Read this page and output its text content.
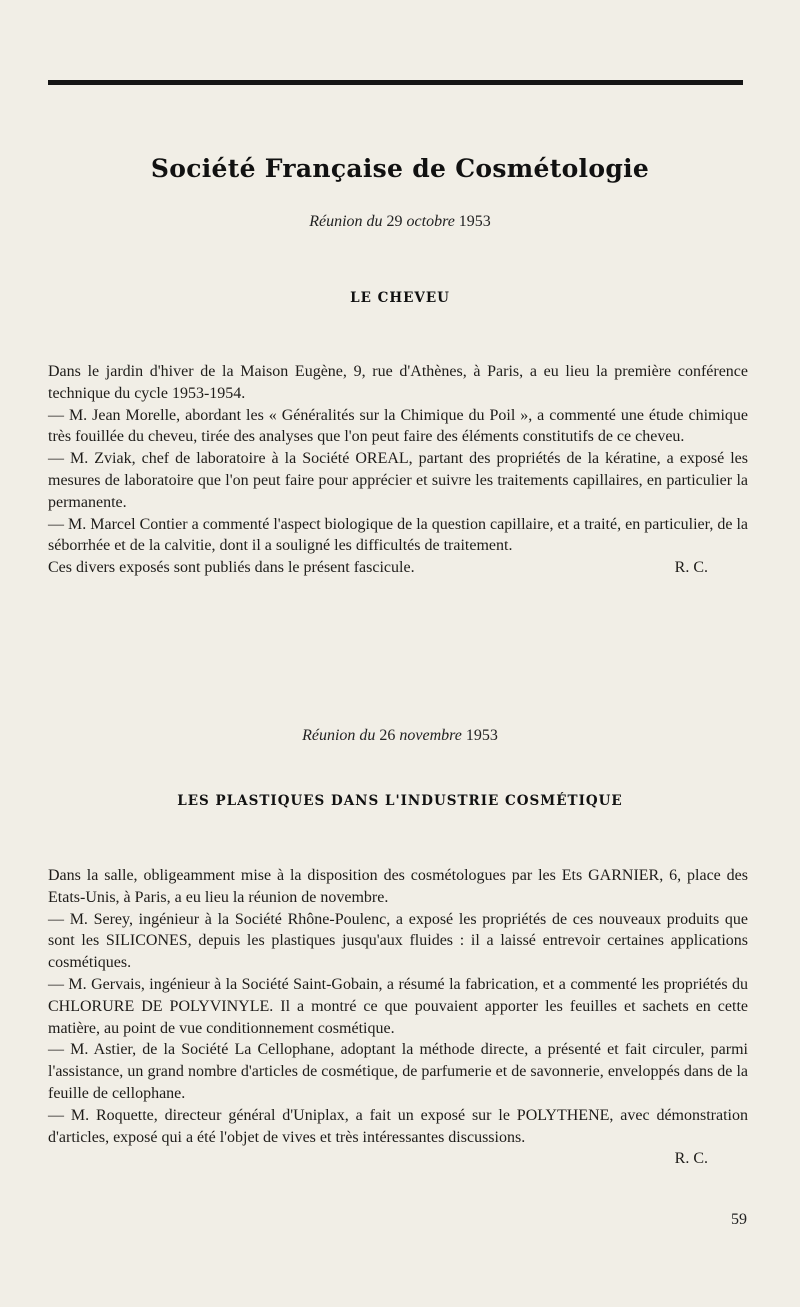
Société Française de Cosmétologie
Réunion du 29 octobre 1953
LE CHEVEU

Dans le jardin d'hiver de la Maison Eugène, 9, rue d'Athènes, à Paris, a eu lieu la première conférence technique du cycle 1953-1954.

— M. Jean Morelle, abordant les « Généralités sur la Chimique du Poil », a commenté une étude chimique très fouillée du cheveu, tirée des analyses que l'on peut faire des éléments constitutifs de ce cheveu.

— M. Zviak, chef de laboratoire à la Société OREAL, partant des propriétés de la kératine, a exposé les mesures de laboratoire que l'on peut faire pour apprécier et suivre les traitements capillaires, en particulier la permanente.

— M. Marcel Contier a commenté l'aspect biologique de la question capillaire, et a traité, en particulier, de la séborrhée et de la calvitie, dont il a souligné les difficultés de traitement.

Ces divers exposés sont publiés dans le présent fascicule.	R. C.
Réunion du 26 novembre 1953
LES PLASTIQUES DANS L'INDUSTRIE COSMÉTIQUE

Dans la salle, obligeamment mise à la disposition des cosmétologues par les Ets GARNIER, 6, place des Etats-Unis, à Paris, a eu lieu la réunion de novembre.

— M. Serey, ingénieur à la Société Rhône-Poulenc, a exposé les propriétés de ces nouveaux produits que sont les SILICONES, depuis les plastiques jusqu'aux fluides : il a laissé entrevoir certaines applications cosmétiques.

— M. Gervais, ingénieur à la Société Saint-Gobain, a résumé la fabrication, et a commenté les propriétés du CHLORURE DE POLYVINYLE. Il a montré ce que pouvaient apporter les feuilles et sachets en cette matière, au point de vue conditionnement cosmétique.

— M. Astier, de la Société La Cellophane, adoptant la méthode directe, a présenté et fait circuler, parmi l'assistance, un grand nombre d'articles de cosmétique, de parfumerie et de savonnerie, enveloppés dans de la feuille de cellophane.

— M. Roquette, directeur général d'Uniplax, a fait un exposé sur le POLYTHENE, avec démonstration d'articles, exposé qui a été l'objet de vives et très intéressantes discussions.

R. C.
59
